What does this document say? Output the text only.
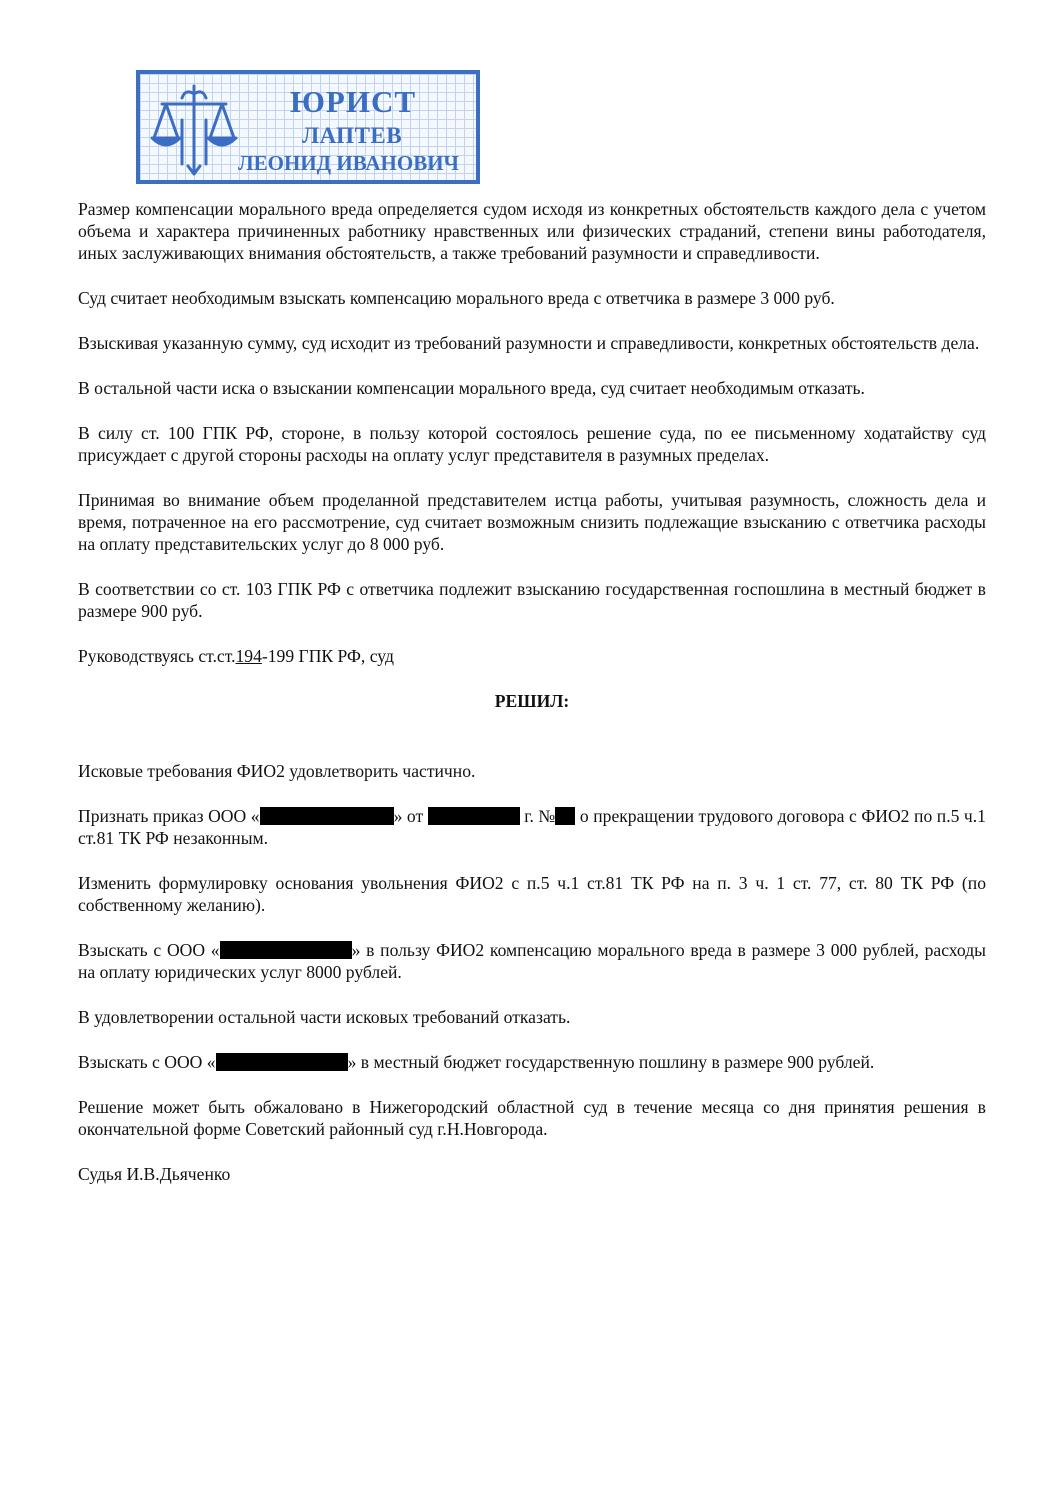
ЮРИСТ
ЛАПТЕВ
ЛЕОНИД ИВАНОВИЧ

Размер компенсации морального вреда определяется судом исходя из конкретных обстоятельств каждого дела с учетом объема и характера причиненных работнику нравственных или физических страданий, степени вины работодателя, иных заслуживающих внимания обстоятельств, а также требований разумности и справедливости.

Суд считает необходимым взыскать компенсацию морального вреда с ответчика в размере 3 000 руб.

Взыскивая указанную сумму, суд исходит из требований разумности и справедливости, конкретных обстоятельств дела.

В остальной части иска о взыскании компенсации морального вреда, суд считает необходимым отказать.

В силу ст. 100 ГПК РФ, стороне, в пользу которой состоялось решение суда, по ее письменному ходатайству суд присуждает с другой стороны расходы на оплату услуг представителя в разумных пределах.

Принимая во внимание объем проделанной представителем истца работы, учитывая разумность, сложность дела и время, потраченное на его рассмотрение, суд считает возможным снизить подлежащие взысканию с ответчика расходы на оплату представительских услуг до 8 000 руб.

В соответствии со ст. 103 ГПК РФ с ответчика подлежит взысканию государственная госпошлина в местный бюджет в размере 900 руб.

Руководствуясь ст.ст.194-199 ГПК РФ, суд

РЕШИЛ:

Исковые требования ФИО2 удовлетворить частично.

Признать приказ ООО «	» от	г. № о прекращении трудового договора с ФИО2 по п.5 ч.1 ст.81 ТК РФ незаконным.

Изменить формулировку основания увольнения ФИО2 с п.5 ч.1 ст.81 ТК РФ на п. 3 ч. 1 ст. 77, ст. 80 ТК РФ (по собственному желанию).

Взыскать с ООО «	» в пользу ФИО2 компенсацию морального вреда в размере 3 000 рублей, расходы на оплату юридических услуг 8000 рублей.

В удовлетворении остальной части исковых требований отказать.

Взыскать с ООО «	» в местный бюджет государственную пошлину в размере 900 рублей.

Решение может быть обжаловано в Нижегородский областной суд в течение месяца со дня принятия решения в окончательной форме Советский районный суд г.Н.Новгорода.

Судья И.В.Дьяченко
